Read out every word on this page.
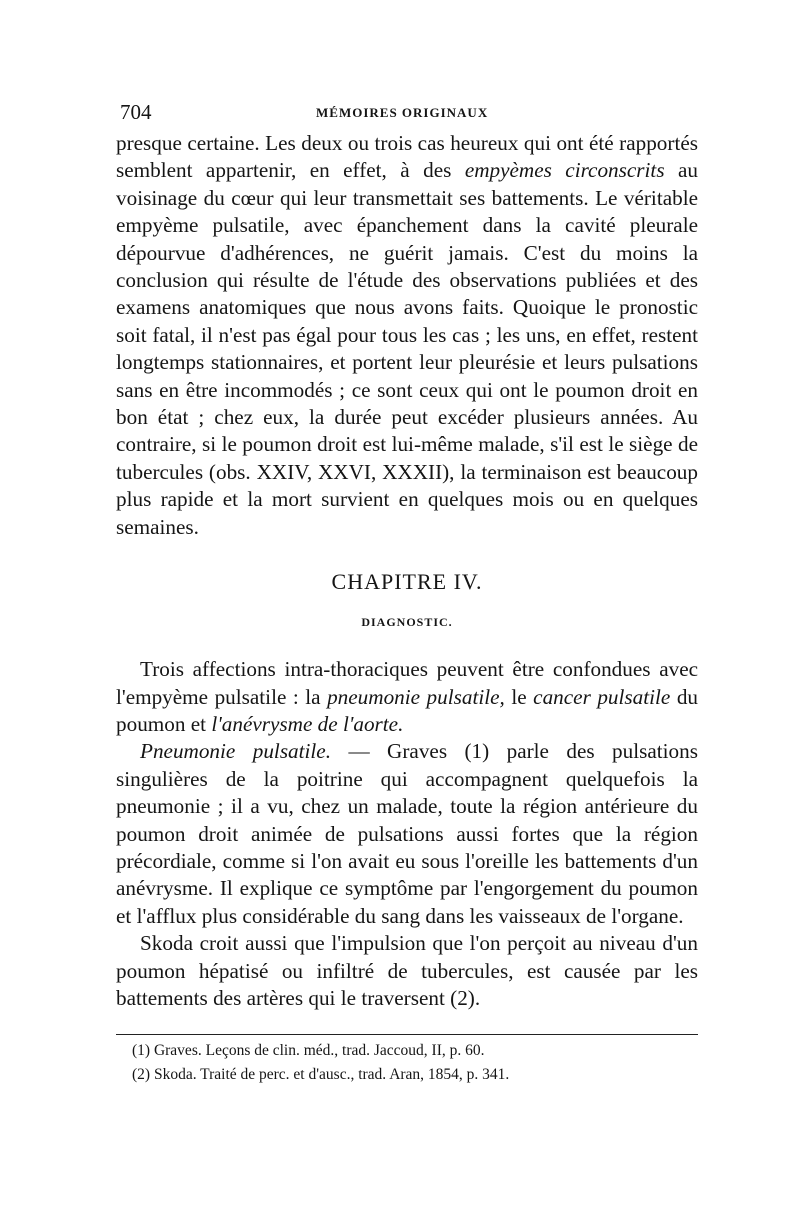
704	MÉMOIRES ORIGINAUX

presque certaine. Les deux ou trois cas heureux qui ont été rapportés semblent appartenir, en effet, à des empyèmes circonscrits au voisinage du cœur qui leur transmettait ses battements. Le véritable empyème pulsatile, avec épanchement dans la cavité pleurale dépourvue d'adhérences, ne guérit jamais. C'est du moins la conclusion qui résulte de l'étude des observations publiées et des examens anatomiques que nous avons faits. Quoique le pronostic soit fatal, il n'est pas égal pour tous les cas ; les uns, en effet, restent longtemps stationnaires, et portent leur pleurésie et leurs pulsations sans en être incommodés ; ce sont ceux qui ont le poumon droit en bon état ; chez eux, la durée peut excéder plusieurs années. Au contraire, si le poumon droit est lui-même malade, s'il est le siège de tubercules (obs. XXIV, XXVI, XXXII), la terminaison est beaucoup plus rapide et la mort survient en quelques mois ou en quelques semaines.

CHAPITRE IV.
DIAGNOSTIC.

Trois affections intra-thoraciques peuvent être confondues avec l'empyème pulsatile : la pneumonie pulsatile, le cancer pulsatile du poumon et l'anévrysme de l'aorte.

Pneumonie pulsatile. — Graves (1) parle des pulsations singulières de la poitrine qui accompagnent quelquefois la pneumonie ; il a vu, chez un malade, toute la région antérieure du poumon droit animée de pulsations aussi fortes que la région précordiale, comme si l'on avait eu sous l'oreille les battements d'un anévrysme. Il explique ce symptôme par l'engorgement du poumon et l'afflux plus considérable du sang dans les vaisseaux de l'organe.

Skoda croit aussi que l'impulsion que l'on perçoit au niveau d'un poumon hépatisé ou infiltré de tubercules, est causée par les battements des artères qui le traversent (2).

(1) Graves. Leçons de clin. méd., trad. Jaccoud, II, p. 60.
(2) Skoda. Traité de perc. et d'ausc., trad. Aran, 1854, p. 341.
